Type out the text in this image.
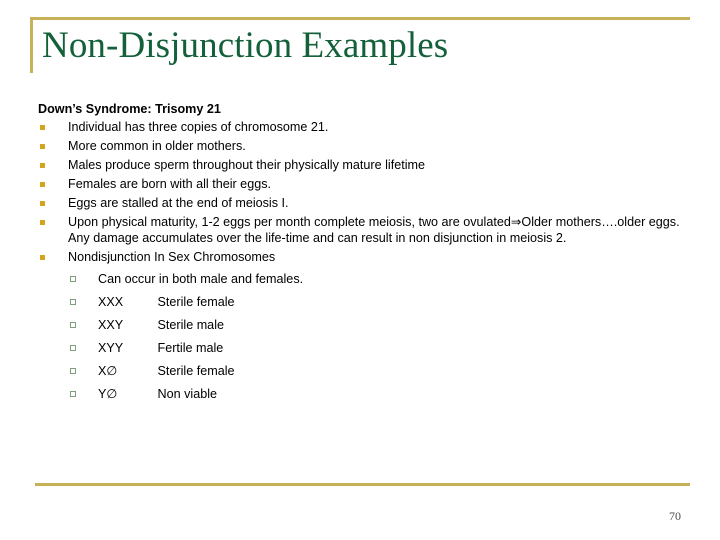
Non-Disjunction Examples

Down’s Syndrome: Trisomy 21

Individual has three copies of chromosome 21.
More common in older mothers.
Males produce sperm throughout their physically mature lifetime
Females are born with all their eggs.
Eggs are stalled at the end of meiosis I.
Upon physical maturity, 1-2 eggs per month complete meiosis, two are ovulated⇒Older mothers….older eggs. Any damage accumulates over the life-time and can result in non disjunction in meiosis 2.
Nondisjunction In Sex Chromosomes
Can occur in both male and females.
XXX	Sterile female
XXY	Sterile male
XYY	Fertile male
X∅	Sterile female
Y∅	Non viable
70
